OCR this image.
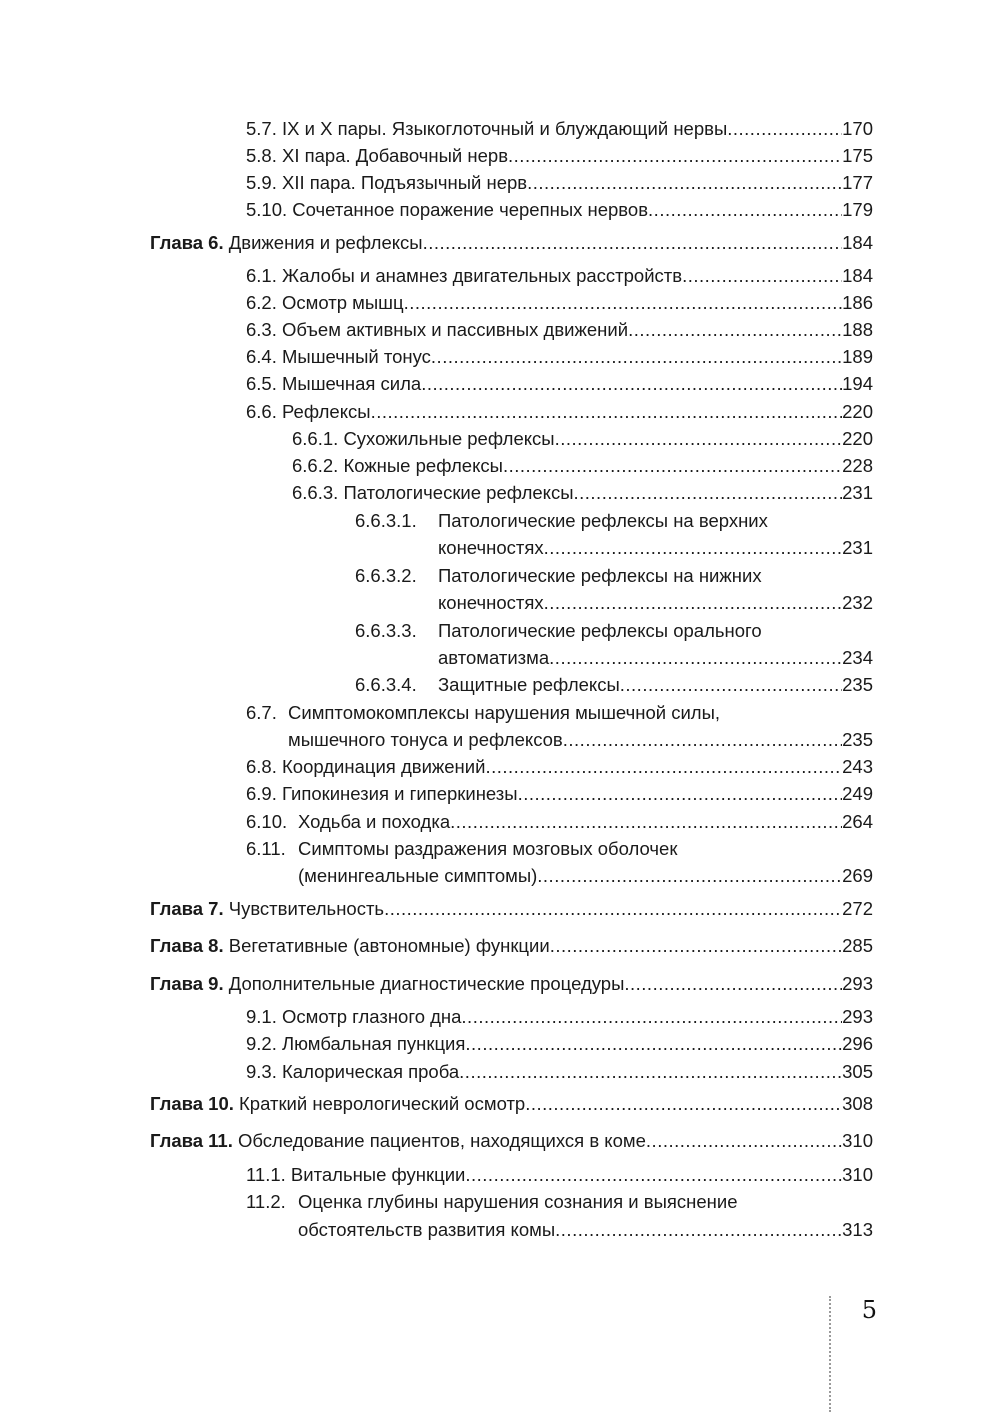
5.7. IX и X пары. Языкоглоточный и блуждающий нервы .....	170
5.8. XI пара. Добавочный нерв .....	175
5.9. XII пара. Подъязычный нерв .....	177
5.10. Сочетанное поражение черепных нервов .....	179
Глава 6. Движения и рефлексы .....	184
6.1. Жалобы и анамнез двигательных расстройств .....	184
6.2. Осмотр мышц .....	186
6.3. Объем активных и пассивных движений .....	188
6.4. Мышечный тонус .....	189
6.5. Мышечная сила .....	194
6.6. Рефлексы .....	220
6.6.1. Сухожильные рефлексы .....	220
6.6.2. Кожные рефлексы .....	228
6.6.3. Патологические рефлексы .....	231
6.6.3.1. Патологические рефлексы на верхних
конечностях .....	231
6.6.3.2. Патологические рефлексы на нижних
конечностях .....	232
6.6.3.3. Патологические рефлексы орального
автоматизма .....	234
6.6.3.4. Защитные рефлексы .....	235
6.7. Симптомокомплексы нарушения мышечной силы,
мышечного тонуса и рефлексов .....	235
6.8. Координация движений .....	243
6.9. Гипокинезия и гиперкинезы .....	249
6.10. Ходьба и походка .....	264
6.11. Симптомы раздражения мозговых оболочек
(менингеальные симптомы) .....	269
Глава 7. Чувствительность .....	272
Глава 8. Вегетативные (автономные) функции .....	285
Глава 9. Дополнительные диагностические процедуры .....	293
9.1. Осмотр глазного дна .....	293
9.2. Люмбальная пункция .....	296
9.3. Калорическая проба .....	305
Глава 10. Краткий неврологический осмотр .....	308
Глава 11. Обследование пациентов, находящихся в коме .....	310
11.1. Витальные функции .....	310
11.2. Оценка глубины нарушения сознания и выяснение
обстоятельств развития комы .....	313
5
